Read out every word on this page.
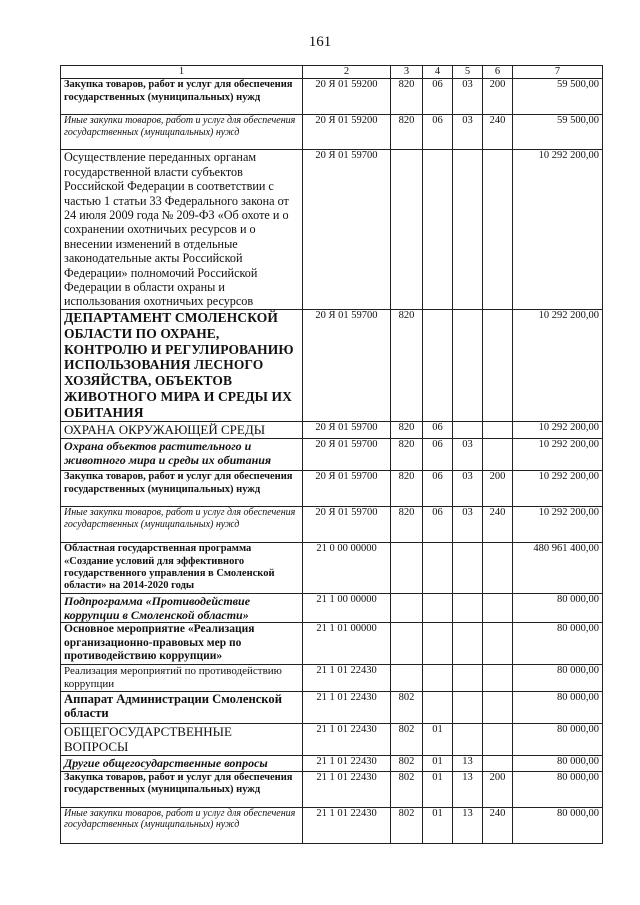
161
1	2	3	4	5	6	7
Закупка товаров, работ и услуг для обеспечения государственных (муниципальных) нужд	20 Я 01 59200	820	06	03	200	59 500,00
Иные закупки товаров, работ и услуг для обеспечения государственных (муниципальных) нужд	20 Я 01 59200	820	06	03	240	59 500,00
Осуществление переданных органам государственной власти субъектов Российской Федерации в соответствии с частью 1 статьи 33 Федерального закона от 24 июля 2009 года № 209-ФЗ «Об охоте и о сохранении охотничьих ресурсов и о внесении изменений в отдельные законодательные акты Российской Федерации» полномочий Российской Федерации в области охраны и использования охотничьих ресурсов	20 Я 01 59700					10 292 200,00
ДЕПАРТАМЕНТ СМОЛЕНСКОЙ ОБЛАСТИ ПО ОХРАНЕ, КОНТРОЛЮ И РЕГУЛИРОВАНИЮ ИСПОЛЬЗОВАНИЯ ЛЕСНОГО ХОЗЯЙСТВА, ОБЪЕКТОВ ЖИВОТНОГО МИРА И СРЕДЫ ИХ ОБИТАНИЯ	20 Я 01 59700	820				10 292 200,00
ОХРАНА ОКРУЖАЮЩЕЙ СРЕДЫ	20 Я 01 59700	820	06			10 292 200,00
Охрана объектов растительного и животного мира и среды их обитания	20 Я 01 59700	820	06	03		10 292 200,00
Закупка товаров, работ и услуг для обеспечения государственных (муниципальных) нужд	20 Я 01 59700	820	06	03	200	10 292 200,00
Иные закупки товаров, работ и услуг для обеспечения государственных (муниципальных) нужд	20 Я 01 59700	820	06	03	240	10 292 200,00
Областная государственная программа «Создание условий для эффективного государственного управления в Смоленской области» на 2014-2020 годы	21 0 00 00000					480 961 400,00
Подпрограмма «Противодействие коррупции в Смоленской области»	21 1 00 00000					80 000,00
Основное мероприятие «Реализация организационно-правовых мер по противодействию коррупции»	21 1 01 00000					80 000,00
Реализация мероприятий по противодействию коррупции	21 1 01 22430					80 000,00
Аппарат Администрации Смоленской области	21 1 01 22430	802				80 000,00
ОБЩЕГОСУДАРСТВЕННЫЕ ВОПРОСЫ	21 1 01 22430	802	01			80 000,00
Другие общегосударственные вопросы	21 1 01 22430	802	01	13		80 000,00
Закупка товаров, работ и услуг для обеспечения государственных (муниципальных) нужд	21 1 01 22430	802	01	13	200	80 000,00
Иные закупки товаров, работ и услуг для обеспечения государственных (муниципальных) нужд	21 1 01 22430	802	01	13	240	80 000,00
